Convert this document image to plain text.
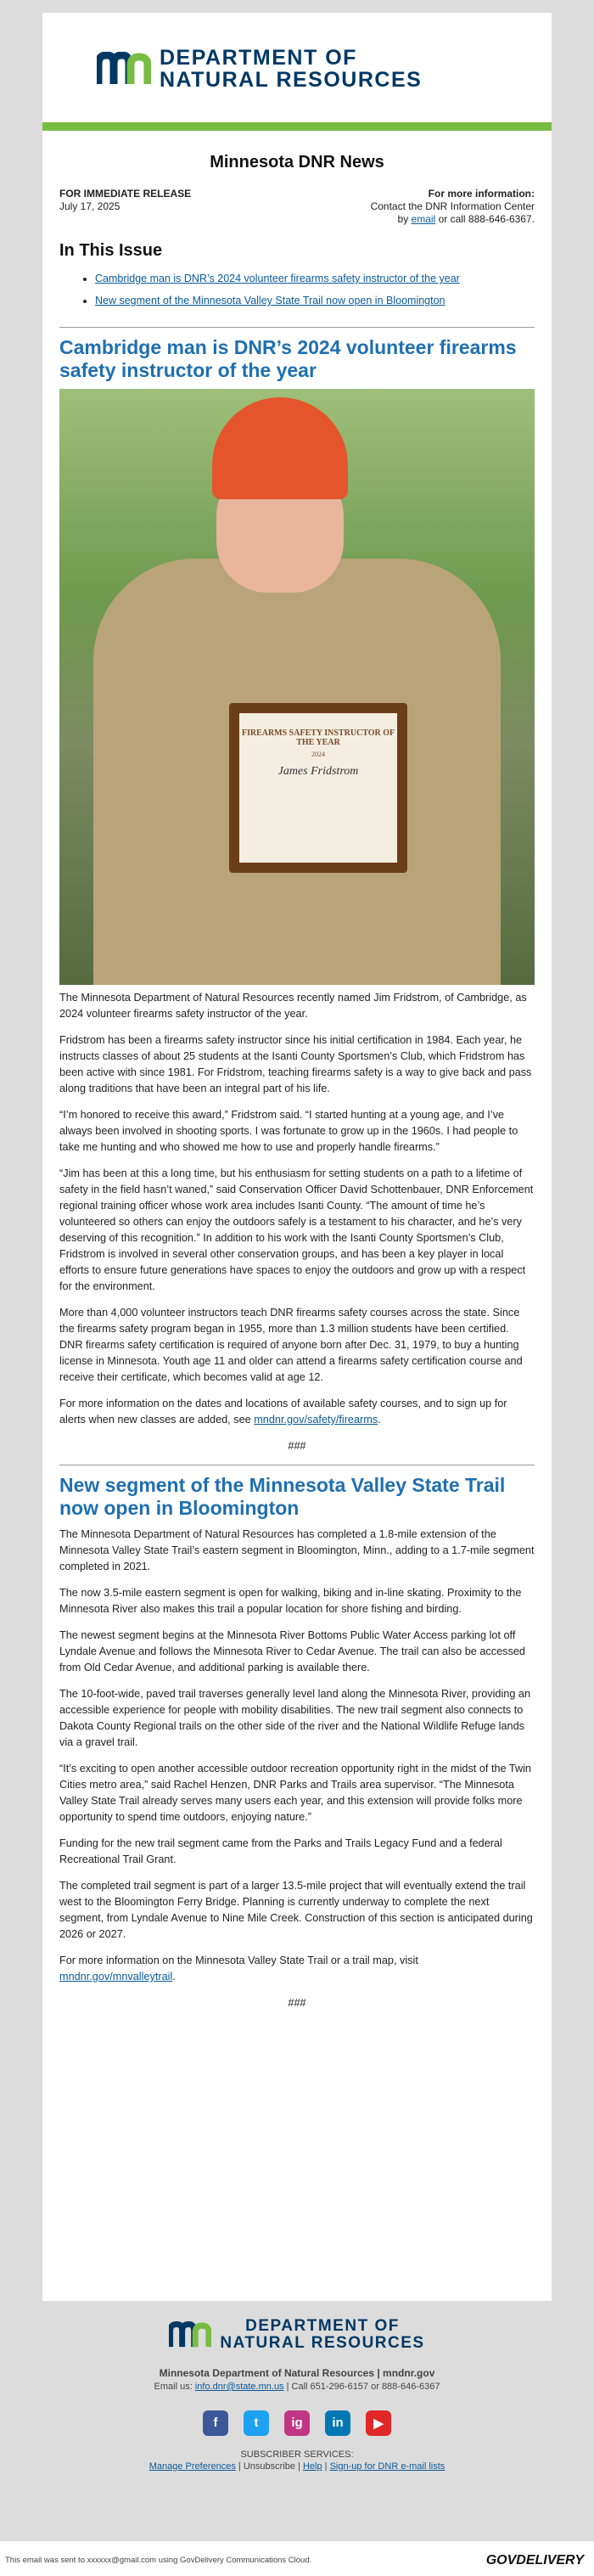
DEPARTMENT OF
NATURAL RESOURCES
Minnesota DNR News
FOR IMMEDIATE RELEASE
July 17, 2025
For more information:
Contact the DNR Information Center
by email or call 888-646-6367.
In This Issue
• Cambridge man is DNR’s 2024 volunteer firearms safety instructor of the year
• New segment of the Minnesota Valley State Trail now open in Bloomington
Cambridge man is DNR’s 2024 volunteer firearms safety instructor of the year
FIREARMS SAFETY INSTRUCTOR OF THE YEAR
2024
James Fridstrom

The Minnesota Department of Natural Resources recently named Jim Fridstrom, of Cambridge, as 2024 volunteer firearms safety instructor of the year.

Fridstrom has been a firearms safety instructor since his initial certification in 1984. Each year, he instructs classes of about 25 students at the Isanti County Sportsmen’s Club, which Fridstrom has been active with since 1981. For Fridstrom, teaching firearms safety is a way to give back and pass along traditions that have been an integral part of his life.

“I’m honored to receive this award,” Fridstrom said. “I started hunting at a young age, and I’ve always been involved in shooting sports. I was fortunate to grow up in the 1960s. I had people to take me hunting and who showed me how to use and properly handle firearms.”

“Jim has been at this a long time, but his enthusiasm for setting students on a path to a lifetime of safety in the field hasn’t waned,” said Conservation Officer David Schottenbauer, DNR Enforcement regional training officer whose work area includes Isanti County. “The amount of time he’s volunteered so others can enjoy the outdoors safely is a testament to his character, and he’s very deserving of this recognition.” In addition to his work with the Isanti County Sportsmen’s Club, Fridstrom is involved in several other conservation groups, and has been a key player in local efforts to ensure future generations have spaces to enjoy the outdoors and grow up with a respect for the environment.

More than 4,000 volunteer instructors teach DNR firearms safety courses across the state. Since the firearms safety program began in 1955, more than 1.3 million students have been certified. DNR firearms safety certification is required of anyone born after Dec. 31, 1979, to buy a hunting license in Minnesota. Youth age 11 and older can attend a firearms safety certification course and receive their certificate, which becomes valid at age 12.

For more information on the dates and locations of available safety courses, and to sign up for alerts when new classes are added, see mndnr.gov/safety/firearms.

###

New segment of the Minnesota Valley State Trail now open in Bloomington

The Minnesota Department of Natural Resources has completed a 1.8-mile extension of the Minnesota Valley State Trail’s eastern segment in Bloomington, Minn., adding to a 1.7-mile segment completed in 2021.

The now 3.5-mile eastern segment is open for walking, biking and in-line skating. Proximity to the Minnesota River also makes this trail a popular location for shore fishing and birding.

The newest segment begins at the Minnesota River Bottoms Public Water Access parking lot off Lyndale Avenue and follows the Minnesota River to Cedar Avenue. The trail can also be accessed from Old Cedar Avenue, and additional parking is available there.

The 10-foot-wide, paved trail traverses generally level land along the Minnesota River, providing an accessible experience for people with mobility disabilities. The new trail segment also connects to Dakota County Regional trails on the other side of the river and the National Wildlife Refuge lands via a gravel trail.

“It’s exciting to open another accessible outdoor recreation opportunity right in the midst of the Twin Cities metro area,” said Rachel Henzen, DNR Parks and Trails area supervisor. “The Minnesota Valley State Trail already serves many users each year, and this extension will provide folks more opportunity to spend time outdoors, enjoying nature.”

Funding for the new trail segment came from the Parks and Trails Legacy Fund and a federal Recreational Trail Grant.

The completed trail segment is part of a larger 13.5-mile project that will eventually extend the trail west to the Bloomington Ferry Bridge. Planning is currently underway to complete the next segment, from Lyndale Avenue to Nine Mile Creek. Construction of this section is anticipated during 2026 or 2027.

For more information on the Minnesota Valley State Trail or a trail map, visit mndnr.gov/mnvalleytrail.

###

DEPARTMENT OF
NATURAL RESOURCES
Minnesota Department of Natural Resources | mndnr.gov
Email us: info.dnr@state.mn.us | Call 651-296-6157 or 888-646-6367
f	t	ig	in	▶
SUBSCRIBER SERVICES:
Manage Preferences | Unsubscribe | Help | Sign-up for DNR e-mail lists
This email was sent to xxxxxx@gmail.com using GovDelivery Communications Cloud.	GOVDELIVERY
